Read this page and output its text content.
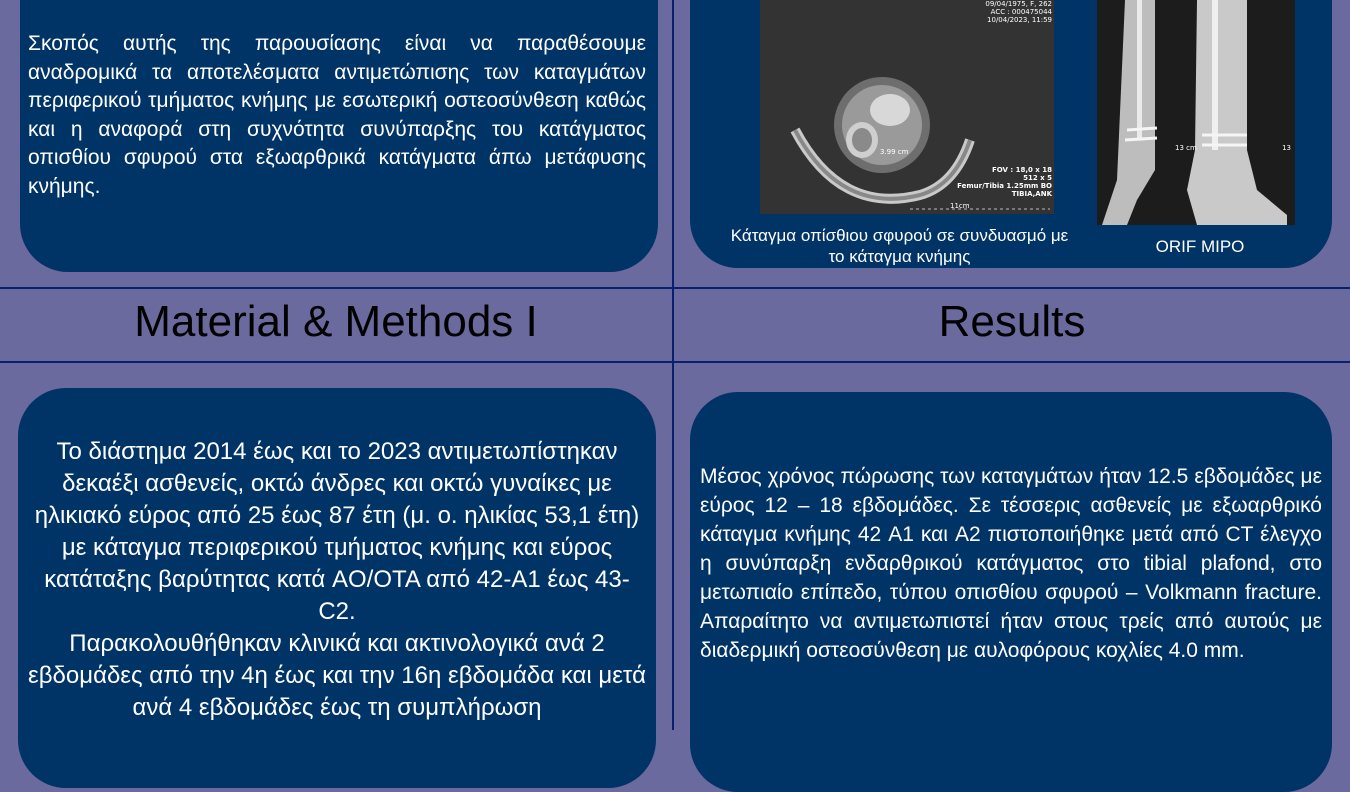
Σκοπός αυτής της παρουσίασης είναι να παραθέσουμε αναδρομικά τα αποτελέσματα αντιμετώπισης των καταγμάτων περιφερικού τμήματος κνήμης με εσωτερική οστεοσύνθεση καθώς και η αναφορά στη συχνότητα συνύπαρξης του κατάγματος οπισθίου σφυρού στα εξωαρθρικά κατάγματα άπω μετάφυσης κνήμης.
09/04/1975, F, 262
ACC : 000475044
10/04/2023, 11:59
3.99 cm
FOV : 18,0 x 18
512 x 5
Femur/Tibia 1.25mm BO
TIBIA,ANK
11cm
13 cm	13
Κάταγμα οπίσθιου σφυρού σε συνδυασμό με το κάταγμα κνήμης
ORIF MIPO
Material & Methods I	Results
Το διάστημα 2014 έως και το 2023 αντιμετωπίστηκαν δεκαέξι ασθενείς, οκτώ άνδρες και οκτώ γυναίκες με ηλικιακό εύρος από 25 έως 87 έτη (μ. ο. ηλικίας 53,1 έτη) με κάταγμα περιφερικού τμήματος κνήμης και εύρος κατάταξης βαρύτητας κατά AO/OTA από 42-A1 έως 43-C2.
Παρακολουθήθηκαν κλινικά και ακτινολογικά ανά 2 εβδομάδες από την 4η έως και την 16η εβδομάδα και μετά ανά 4 εβδομάδες έως τη συμπλήρωση
Μέσος χρόνος πώρωσης των καταγμάτων ήταν 12.5 εβδομάδες με εύρος 12 – 18 εβδομάδες. Σε τέσσερις ασθενείς με εξωαρθρικό κάταγμα κνήμης 42 A1 και A2 πιστοποιήθηκε μετά από CT έλεγχο η συνύπαρξη ενδαρθρικού κατάγματος στο tibial plafond, στο μετωπιαίο επίπεδο, τύπου οπισθίου σφυρού – Volkmann fracture. Απαραίτητο να αντιμετωπιστεί ήταν στους τρείς από αυτούς με διαδερμική οστεοσύνθεση με αυλοφόρους κοχλίες 4.0 mm.
